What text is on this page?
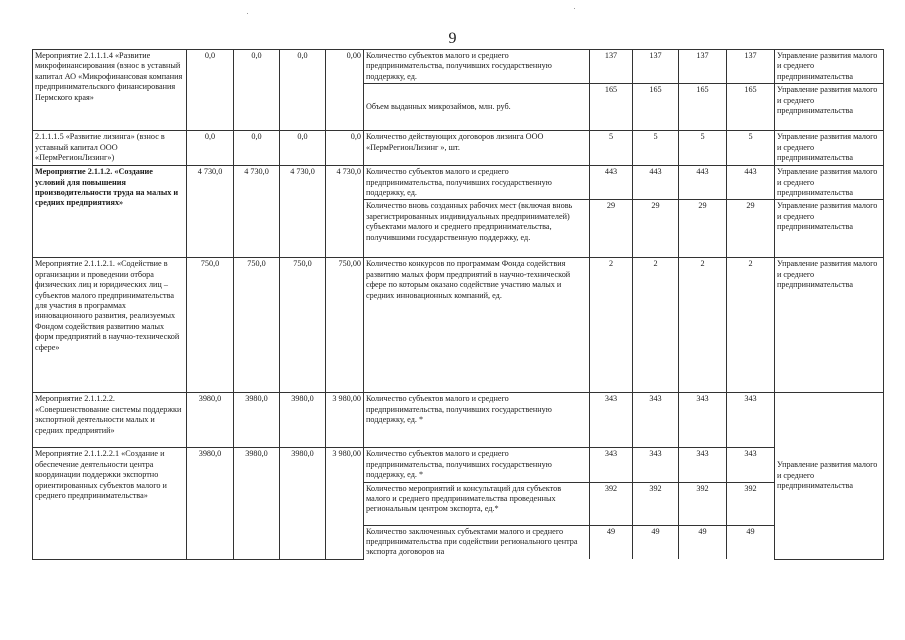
9
Мероприятие 2.1.1.1.4 «Развитие микрофинансирования (взнос в уставный капитал АО «Микрофинансовая компания предпринимательского финансирования Пермского края»	0,0	0,0	0,0	0,00	Количество субъектов малого и среднего предпринимательства, получивших государственную поддержку, ед.	137	137	137	137	Управление развития малого и среднего предпринимательства
					Объем выданных микрозаймов, млн. руб.	165	165	165	165	Управление развития малого и среднего предпринимательства
2.1.1.1.5 «Развитие лизинга» (взнос в уставный капитал ООО «ПермРегионЛизинг»)	0,0	0,0	0,0	0,0	Количество действующих договоров лизинга ООО «ПермРегионЛизинг », шт.	5	5	5	5	Управление развития малого и среднего предпринимательства
Мероприятие 2.1.1.2. «Создание условий для повышения производительности труда на малых и средних предприятиях»	4 730,0	4 730,0	4 730,0	4 730,0	Количество субъектов малого и среднего предпринимательства, получивших государственную поддержку, ед.	443	443	443	443	Управление развития малого и среднего предпринимательства
					Количество вновь созданных рабочих мест (включая вновь зарегистрированных индивидуальных предпринимателей) субъектами малого и среднего предпринимательства, получившими государственную поддержку, ед.	29	29	29	29	Управление развития малого и среднего предпринимательства
Мероприятие 2.1.1.2.1. «Содействие в организации и проведении отбора физических лиц и юридических лиц – субъектов малого предпринимательства для участия в программах инновационного развития, реализуемых Фондом содействия развитию малых форм предприятий в научно-технической сфере»	750,0	750,0	750,0	750,00	Количество конкурсов по программам Фонда содействия развитию малых форм предприятий в научно-технической сфере по которым оказано содействие участию малых и средних инновационных компаний, ед.	2	2	2	2	Управление развития малого и среднего предпринимательства
Мероприятие 2.1.1.2.2. «Совершенствование системы поддержки экспортной деятельности малых и средних предприятий»	3980,0	3980,0	3980,0	3 980,00	Количество субъектов малого и среднего предпринимательства, получивших государственную поддержку, ед. *	343	343	343	343	Управление развития малого и среднего предпринимательства
Мероприятие 2.1.1.2.2.1 «Создание и обеспечение деятельности центра координации поддержки экспортно ориентированных субъектов малого и среднего предпринимательства»	3980,0	3980,0	3980,0	3 980,00	Количество субъектов малого и среднего предпринимательства, получивших государственную поддержку, ед. *	343	343	343	343	
					Количество мероприятий и консультаций для субъектов малого и среднего предпринимательства проведенных региональным центром экспорта, ед.*	392	392	392	392	
					Количество заключенных субъектами малого и среднего предпринимательства при содействии регионального центра экспорта договоров на	49	49	49	49	
